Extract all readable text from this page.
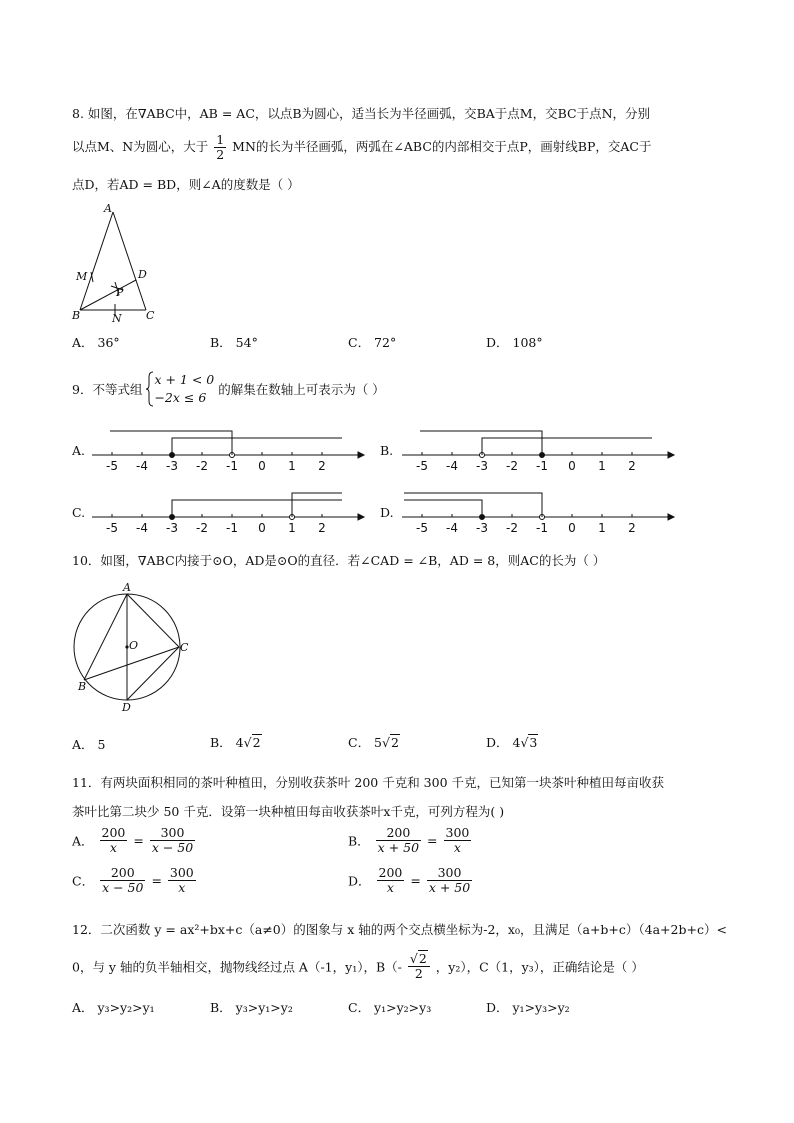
8. 如图，在∇ABC中，AB = AC，以点B为圆心，适当长为半径画弧，交BA于点M，交BC于点N，分别
以点M、N为圆心，大于 $\frac{1}{2}$ MN的长为半径画弧，两弧在∠ABC的内部相交于点P，画射线BP，交AC于
点D，若AD = BD，则∠A的度数是（ ）
A
M	D
P
B	N C
A． 36°	B． 54°	C． 72°	D． 108°
9．不等式组
x + 1 < 0
−2x ≤ 6
的解集在数轴上可表示为（ ）
A.
-5 -4 -3 -2 -1 0 1 2
B.
-5 -4 -3 -2 -1 0 1 2
C.
-5 -4 -3 -2 -1 0 1 2
D.
-5 -4 -3 -2 -1 0 1 2
10．如图，∇ABC内接于⊙O，AD是⊙O的直径．若∠CAD = ∠B，AD = 8，则AC的长为（ ）
A
O	C
B
D
A． 5	B． 4√2	C． 5√2	D． 4√3
11．有两块面积相同的茶叶种植田，分别收获茶叶 200 千克和 300 千克，已知第一块茶叶种植田每亩收获
茶叶比第二块少 50 千克．设第一块种植田每亩收获茶叶x千克，可列方程为( )
A． $\frac{200}{x} = \frac{300}{x - 50}$	B． $\frac{200}{x + 50} = \frac{300}{x}$
C． $\frac{200}{x - 50} = \frac{300}{x}$	D． $\frac{200}{x} = \frac{300}{x + 50}$
12．二次函数 y = ax²+bx+c（a≠0）的图象与 x 轴的两个交点横坐标为-2，x₀，且满足（a+b+c）（4a+2b+c）<
0，与 y 轴的负半轴相交，抛物线经过点 A（-1，y₁），$B(- \frac{√2}{2}$ ，y₂），C（1，y₃），正确结论是（ ）
A． y₃>y₂>y₁	B． y₃>y₁>y₂	C． y₁>y₂>y₃	D． y₁>y₃>y₂
